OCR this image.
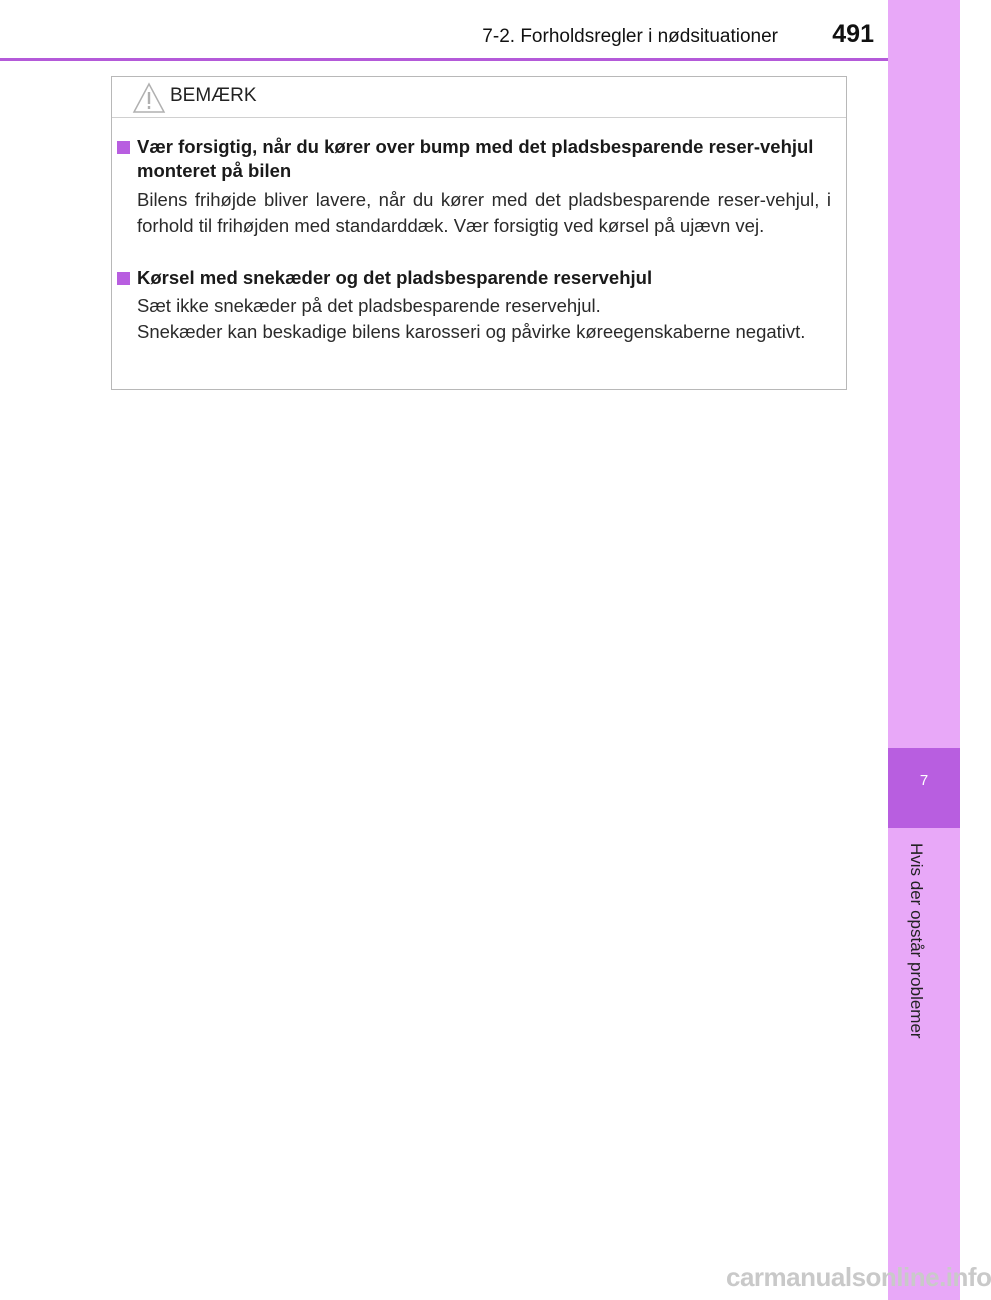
7-2. Forholdsregler i nødsituationer 491
7
Hvis der opstår problemer
BEMÆRK
Vær forsigtig, når du kører over bump med det pladsbesparende reser-vehjul monteret på bilen

Bilens frihøjde bliver lavere, når du kører med det pladsbesparende reser-vehjul, i forhold til frihøjden med standarddæk. Vær forsigtig ved kørsel på ujævn vej.

Kørsel med snekæder og det pladsbesparende reservehjul

Sæt ikke snekæder på det pladsbesparende reservehjul.

Snekæder kan beskadige bilens karosseri og påvirke køreegenskaberne negativt.

carmanualsonline.info
